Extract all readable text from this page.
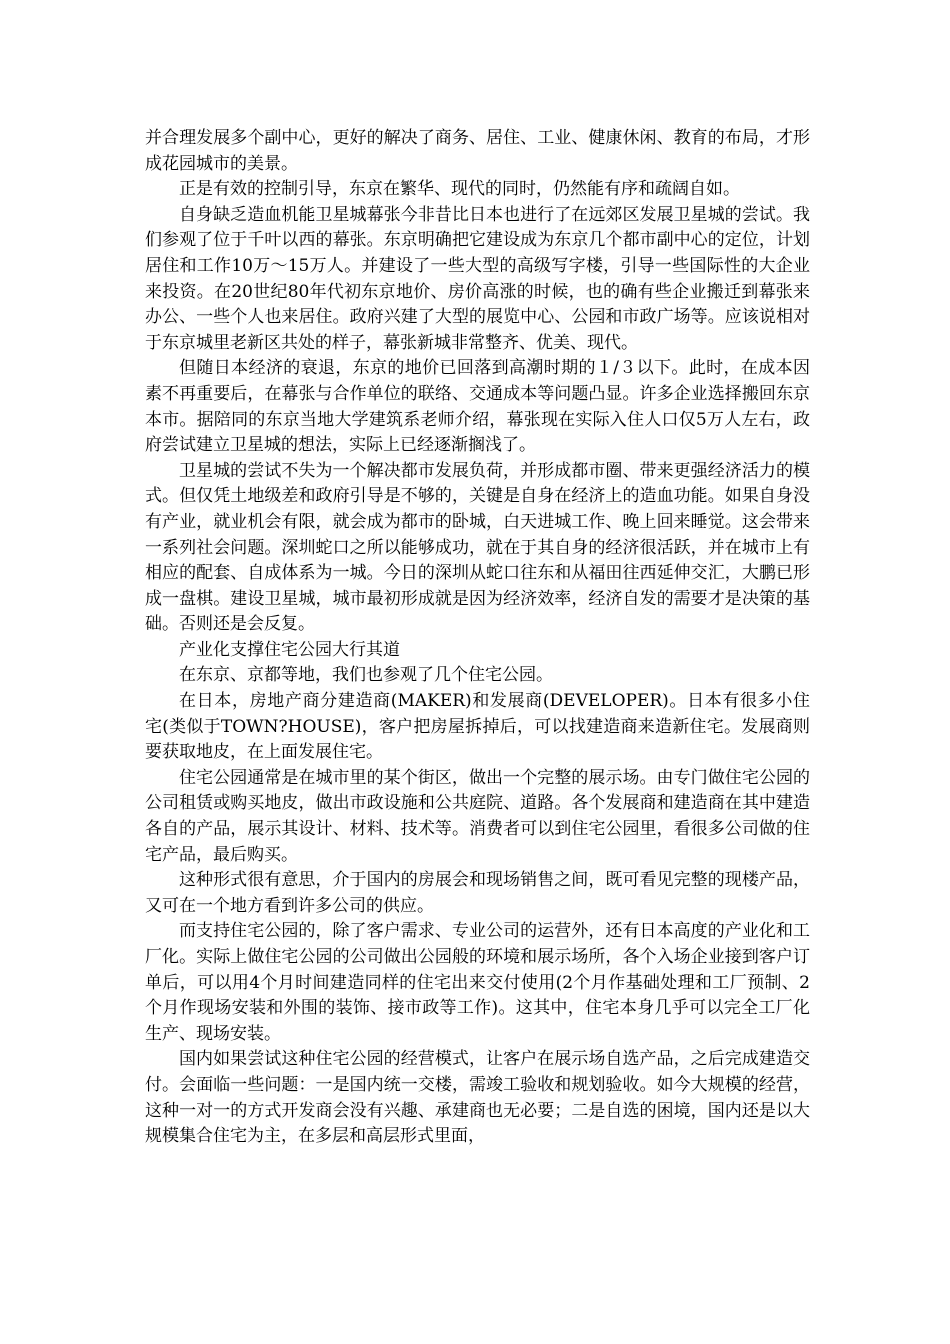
并合理发展多个副中心，更好的解决了商务、居住、工业、健康休闲、教育的布局，才形成花园城市的美景。

正是有效的控制引导，东京在繁华、现代的同时，仍然能有序和疏阔自如。

自身缺乏造血机能卫星城幕张今非昔比日本也进行了在远郊区发展卫星城的尝试。我们参观了位于千叶以西的幕张。东京明确把它建设成为东京几个都市副中心的定位，计划居住和工作10万～15万人。并建设了一些大型的高级写字楼，引导一些国际性的大企业来投资。在20世纪80年代初东京地价、房价高涨的时候，也的确有些企业搬迁到幕张来办公、一些个人也来居住。政府兴建了大型的展览中心、公园和市政广场等。应该说相对于东京城里老新区共处的样子，幕张新城非常整齐、优美、现代。

但随日本经济的衰退，东京的地价已回落到高潮时期的１/３以下。此时，在成本因素不再重要后，在幕张与合作单位的联络、交通成本等问题凸显。许多企业选择搬回东京本市。据陪同的东京当地大学建筑系老师介绍，幕张现在实际入住人口仅5万人左右，政府尝试建立卫星城的想法，实际上已经逐渐搁浅了。

卫星城的尝试不失为一个解决都市发展负荷，并形成都市圈、带来更强经济活力的模式。但仅凭土地级差和政府引导是不够的，关键是自身在经济上的造血功能。如果自身没有产业，就业机会有限，就会成为都市的卧城，白天进城工作、晚上回来睡觉。这会带来一系列社会问题。深圳蛇口之所以能够成功，就在于其自身的经济很活跃，并在城市上有相应的配套、自成体系为一城。今日的深圳从蛇口往东和从福田往西延伸交汇，大鹏已形成一盘棋。建设卫星城，城市最初形成就是因为经济效率，经济自发的需要才是决策的基础。否则还是会反复。

产业化支撑住宅公园大行其道

在东京、京都等地，我们也参观了几个住宅公园。

在日本，房地产商分建造商(MAKER)和发展商(DEVELOPER)。日本有很多小住宅(类似于TOWN?HOUSE)，客户把房屋拆掉后，可以找建造商来造新住宅。发展商则要获取地皮，在上面发展住宅。

住宅公园通常是在城市里的某个街区，做出一个完整的展示场。由专门做住宅公园的公司租赁或购买地皮，做出市政设施和公共庭院、道路。各个发展商和建造商在其中建造各自的产品，展示其设计、材料、技术等。消费者可以到住宅公园里，看很多公司做的住宅产品，最后购买。

这种形式很有意思，介于国内的房展会和现场销售之间，既可看见完整的现楼产品，又可在一个地方看到许多公司的供应。

而支持住宅公园的，除了客户需求、专业公司的运营外，还有日本高度的产业化和工厂化。实际上做住宅公园的公司做出公园般的环境和展示场所，各个入场企业接到客户订单后，可以用4个月时间建造同样的住宅出来交付使用(2个月作基础处理和工厂预制、2个月作现场安装和外围的装饰、接市政等工作)。这其中，住宅本身几乎可以完全工厂化生产、现场安装。

国内如果尝试这种住宅公园的经营模式，让客户在展示场自选产品，之后完成建造交付。会面临一些问题：一是国内统一交楼，需竣工验收和规划验收。如今大规模的经营，这种一对一的方式开发商会没有兴趣、承建商也无必要；二是自选的困境，国内还是以大规模集合住宅为主，在多层和高层形式里面，
